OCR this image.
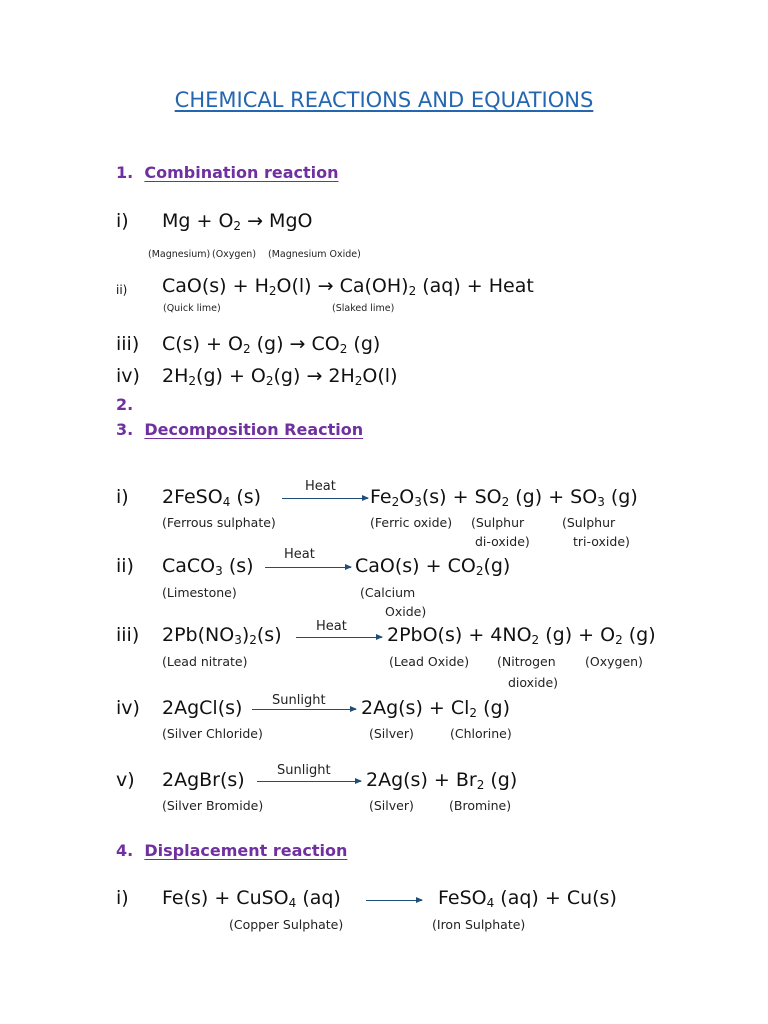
CHEMICAL REACTIONS AND EQUATIONS
1. Combination reaction
i) $Mg + O_2$ → MgO
(Magnesium) (Oxygen) (Magnesium Oxide)
ii) $CaO(s) + H_2O(l) \to Ca(OH)_2$ (aq) + Heat
(Quick lime)	(Slaked lime)
iii) $C(s) + O_2$ $(g) \to CO_2$ (g)
iv) $2H_2(g) + O_2(g) \to 2H_2O(l)$
2.
3. Decomposition Reaction
i) 2FeSO$_4$ (s)	Heat $Fe_2O_3(s) + SO_2$ $(g) + SO_3$ (g)
(Ferrous sulphate)	(Ferric oxide) (Sulphur
di-oxide)
(Sulphur
tri-oxide)
ii) CaCO$_3$ (s)
Heat
$CaO(s) + CO_2(g)$
(Limestone)	(Calcium
Oxide)
iii) $2Pb(NO_3)_2(s)$	Heat $2PbO(s) + 4NO_2$ $(g) + O_2$ (g)
(Lead nitrate)	(Lead Oxide) (Nitrogen
dioxide)
(Oxygen)
iv) 2AgCl(s) Sunlight $2Ag(s) + Cl_2$ (g)
(Silver Chloride)	(Silver)	(Chlorine)
v) 2AgBr(s) Sunlight $2Ag(s) + Br_2$ (g)
(Silver Bromide)	(Silver)	(Bromine)
4. Displacement reaction
i) Fe(s) + CuSO$_4$ (aq) → FeSO$_4$ (aq) + Cu(s)
(Copper Sulphate)	(Iron Sulphate)
